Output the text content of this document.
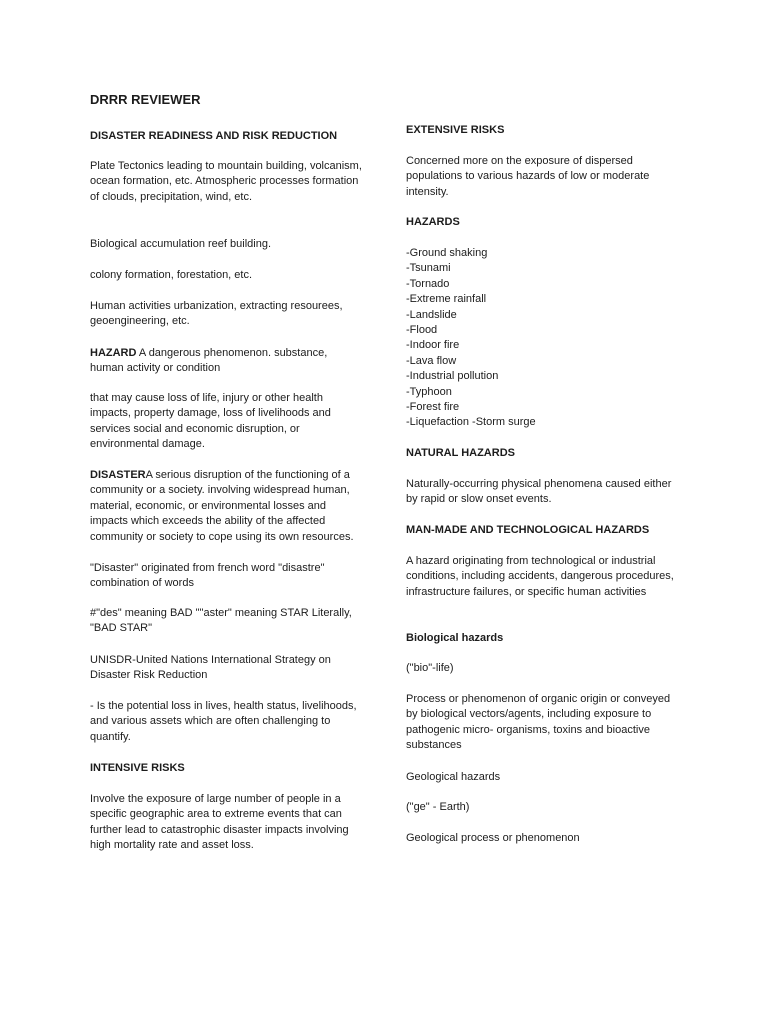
DRRR REVIEWER
DISASTER READINESS AND RISK REDUCTION

Plate Tectonics leading to mountain building, volcanism, ocean formation, etc. Atmospheric processes formation of clouds, precipitation, wind, etc.

Biological accumulation reef building.

colony formation, forestation, etc.

Human activities urbanization, extracting resourees, geoengineering, etc.

HAZARD A dangerous phenomenon. substance, human activity or condition

that may cause loss of life, injury or other health impacts, property damage, loss of livelihoods and services social and economic disruption, or environmental damage.

DISASTERA serious disruption of the functioning of a community or a society. involving widespread human, material, economic, or environmental losses and impacts which exceeds the ability of the affected community or society to cope using its own resources.

"Disaster" originated from french word "disastre" combination of words

#"des" meaning BAD ""aster" meaning STAR Literally, "BAD STAR"

UNISDR-United Nations International Strategy on Disaster Risk Reduction

- Is the potential loss in lives, health status, livelihoods, and various assets which are often challenging to quantify.

INTENSIVE RISKS

Involve the exposure of large number of people in a specific geographic area to extreme events that can further lead to catastrophic disaster impacts involving high mortality rate and asset loss.

EXTENSIVE RISKS

Concerned more on the exposure of dispersed populations to various hazards of low or moderate intensity.

HAZARDS
-Ground shaking
-Tsunami
-Tornado
-Extreme rainfall
-Landslide
-Flood
-Indoor fire
-Lava flow
-Industrial pollution
-Typhoon
-Forest fire
-Liquefaction -Storm surge
NATURAL HAZARDS

Naturally-occurring physical phenomena caused either by rapid or slow onset events.

MAN-MADE AND TECHNOLOGICAL HAZARDS

A hazard originating from technological or industrial conditions, including accidents, dangerous procedures, infrastructure failures, or specific human activities

Biological hazards

("bio"-life)

Process or phenomenon of organic origin or conveyed by biological vectors/agents, including exposure to pathogenic micro- organisms, toxins and bioactive substances

Geological hazards

("ge" - Earth)

Geological process or phenomenon
